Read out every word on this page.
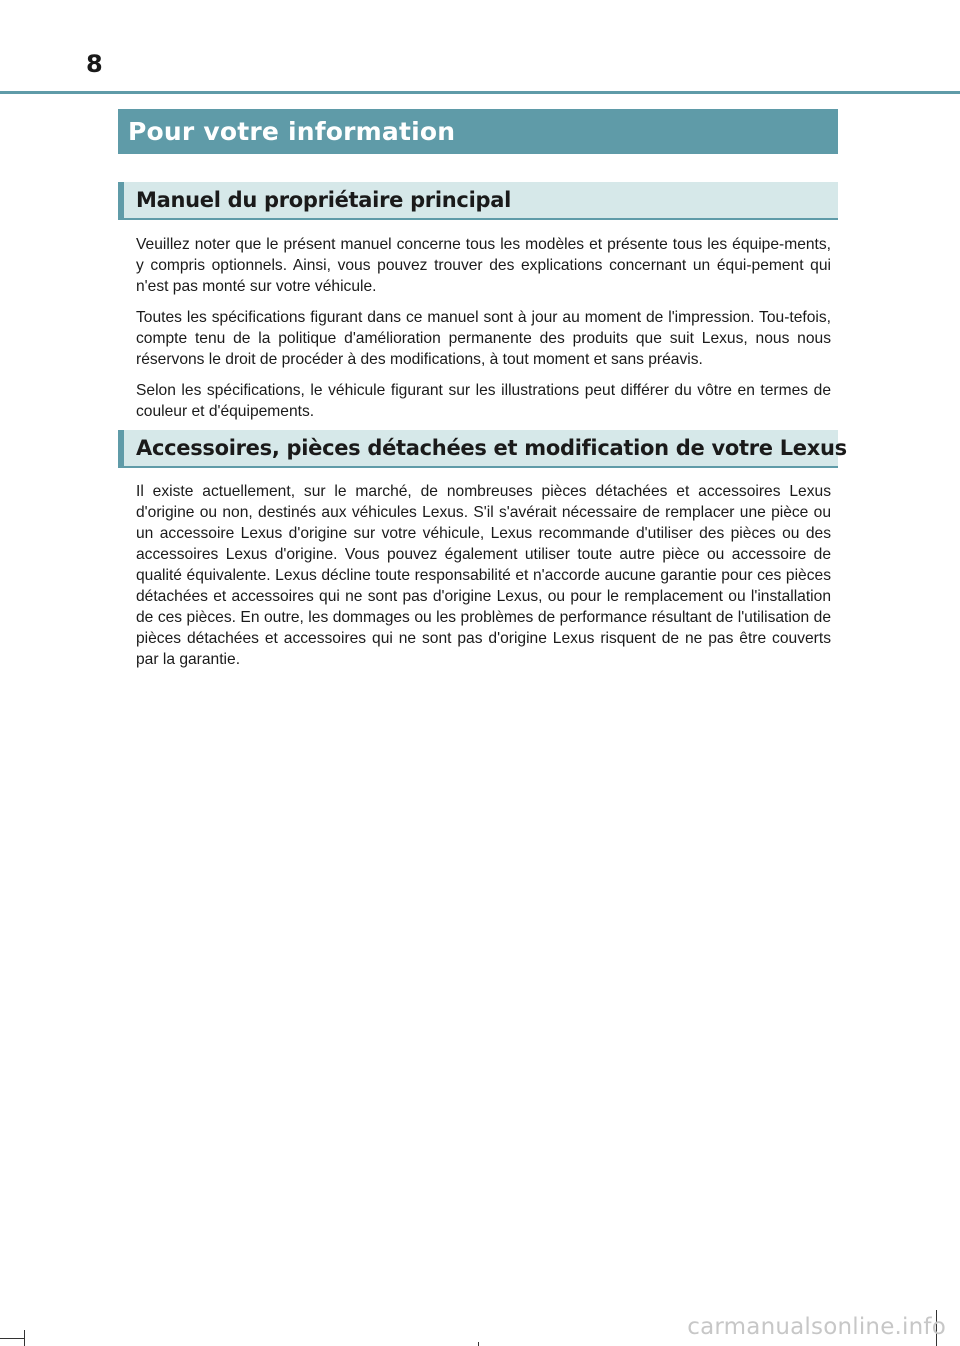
8
Pour votre information
Manuel du propriétaire principal

Veuillez noter que le présent manuel concerne tous les modèles et présente tous les équipe-ments, y compris optionnels. Ainsi, vous pouvez trouver des explications concernant un équi-pement qui n'est pas monté sur votre véhicule.

Toutes les spécifications figurant dans ce manuel sont à jour au moment de l'impression. Tou-tefois, compte tenu de la politique d'amélioration permanente des produits que suit Lexus, nous nous réservons le droit de procéder à des modifications, à tout moment et sans préavis.

Selon les spécifications, le véhicule figurant sur les illustrations peut différer du vôtre en termes de couleur et d'équipements.

Accessoires, pièces détachées et modification de votre Lexus

Il existe actuellement, sur le marché, de nombreuses pièces détachées et accessoires Lexus d'origine ou non, destinés aux véhicules Lexus. S'il s'avérait nécessaire de remplacer une pièce ou un accessoire Lexus d'origine sur votre véhicule, Lexus recommande d'utiliser des pièces ou des accessoires Lexus d'origine. Vous pouvez également utiliser toute autre pièce ou accessoire de qualité équivalente. Lexus décline toute responsabilité et n'accorde aucune garantie pour ces pièces détachées et accessoires qui ne sont pas d'origine Lexus, ou pour le remplacement ou l'installation de ces pièces. En outre, les dommages ou les problèmes de performance résultant de l'utilisation de pièces détachées et accessoires qui ne sont pas d'origine Lexus risquent de ne pas être couverts par la garantie.

carmanualsonline.info
